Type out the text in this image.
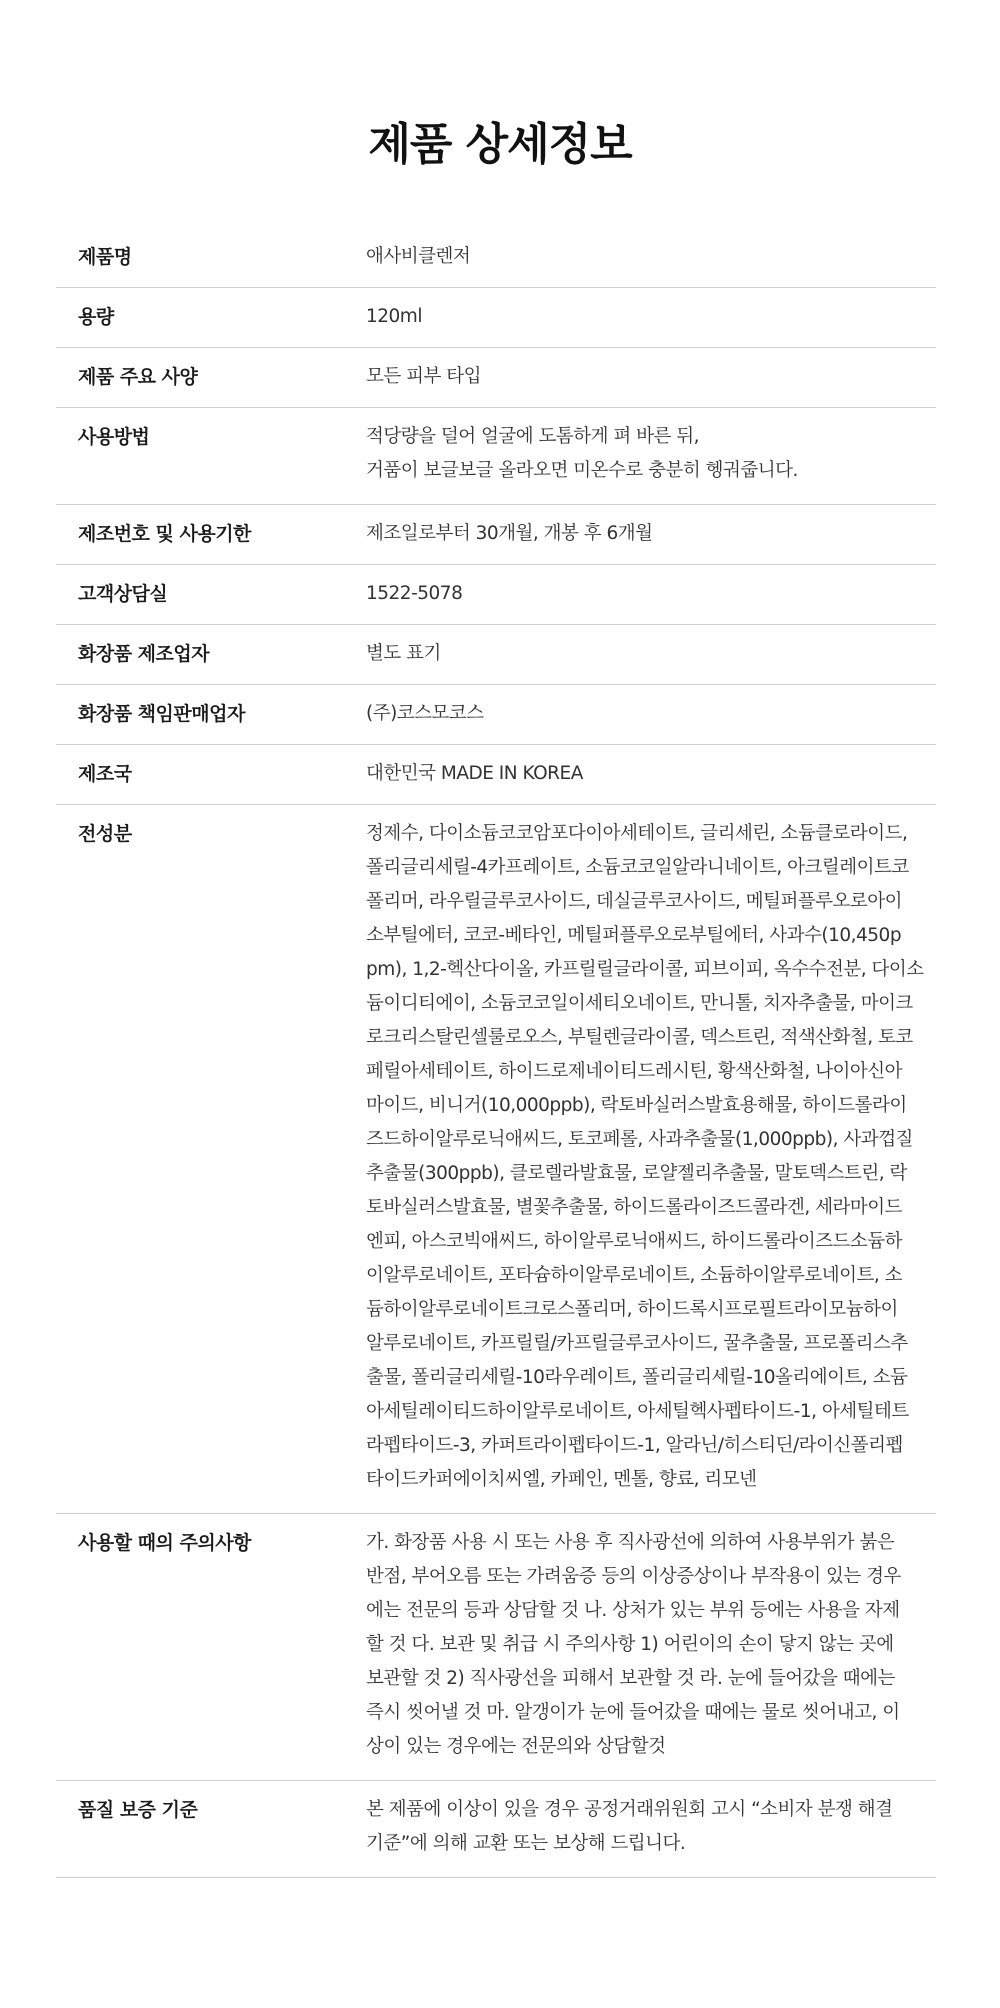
제품 상세정보
제품명	애사비클렌저
용량	120ml
제품 주요 사양	모든 피부 타입
사용방법	적당량을 덜어 얼굴에 도톰하게 펴 바른 뒤,
거품이 보글보글 올라오면 미온수로 충분히 헹궈줍니다.
제조번호 및 사용기한	제조일로부터 30개월, 개봉 후 6개월
고객상담실	1522-5078
화장품 제조업자	별도 표기
화장품 책임판매업자	(주)코스모코스
제조국	대한민국 MADE IN KOREA
전성분	정제수, 다이소듐코코암포다이아세테이트, 글리세린, 소듐클로라이드,
폴리글리세릴-4카프레이트, 소듐코코일알라니네이트, 아크릴레이트코
폴리머, 라우릴글루코사이드, 데실글루코사이드, 메틸퍼플루오로아이
소부틸에터, 코코-베타인, 메틸퍼플루오로부틸에터, 사과수(10,450p
pm), 1,2-헥산다이올, 카프릴릴글라이콜, 피브이피, 옥수수전분, 다이소
듐이디티에이, 소듐코코일이세티오네이트, 만니톨, 치자추출물, 마이크
로크리스탈린셀룰로오스, 부틸렌글라이콜, 덱스트린, 적색산화철, 토코
페릴아세테이트, 하이드로제네이티드레시틴, 황색산화철, 나이아신아
마이드, 비니거(10,000ppb), 락토바실러스발효용해물, 하이드롤라이
즈드하이알루로닉애씨드, 토코페롤, 사과추출물(1,000ppb), 사과껍질
추출물(300ppb), 클로렐라발효물, 로얄젤리추출물, 말토덱스트린, 락
토바실러스발효물, 별꽃추출물, 하이드롤라이즈드콜라겐, 세라마이드
엔피, 아스코빅애씨드, 하이알루로닉애씨드, 하이드롤라이즈드소듐하
이알루로네이트, 포타슘하이알루로네이트, 소듐하이알루로네이트, 소
듐하이알루로네이트크로스폴리머, 하이드록시프로필트라이모늄하이
알루로네이트, 카프릴릴/카프릴글루코사이드, 꿀추출물, 프로폴리스추
출물, 폴리글리세릴-10라우레이트, 폴리글리세릴-10올리에이트, 소듐
아세틸레이티드하이알루로네이트, 아세틸헥사펩타이드-1, 아세틸테트
라펩타이드-3, 카퍼트라이펩타이드-1, 알라닌/히스티딘/라이신폴리펩
타이드카퍼에이치씨엘, 카페인, 멘톨, 향료, 리모넨
사용할 때의 주의사항	가. 화장품 사용 시 또는 사용 후 직사광선에 의하여 사용부위가 붉은
반점, 부어오름 또는 가려움증 등의 이상증상이나 부작용이 있는 경우
에는 전문의 등과 상담할 것 나. 상처가 있는 부위 등에는 사용을 자제
할 것 다. 보관 및 취급 시 주의사항 1) 어린이의 손이 닿지 않는 곳에
보관할 것 2) 직사광선을 피해서 보관할 것 라. 눈에 들어갔을 때에는
즉시 씻어낼 것 마. 알갱이가 눈에 들어갔을 때에는 물로 씻어내고, 이
상이 있는 경우에는 전문의와 상담할것
품질 보증 기준	본 제품에 이상이 있을 경우 공정거래위원회 고시 “소비자 분쟁 해결
기준”에 의해 교환 또는 보상해 드립니다.
